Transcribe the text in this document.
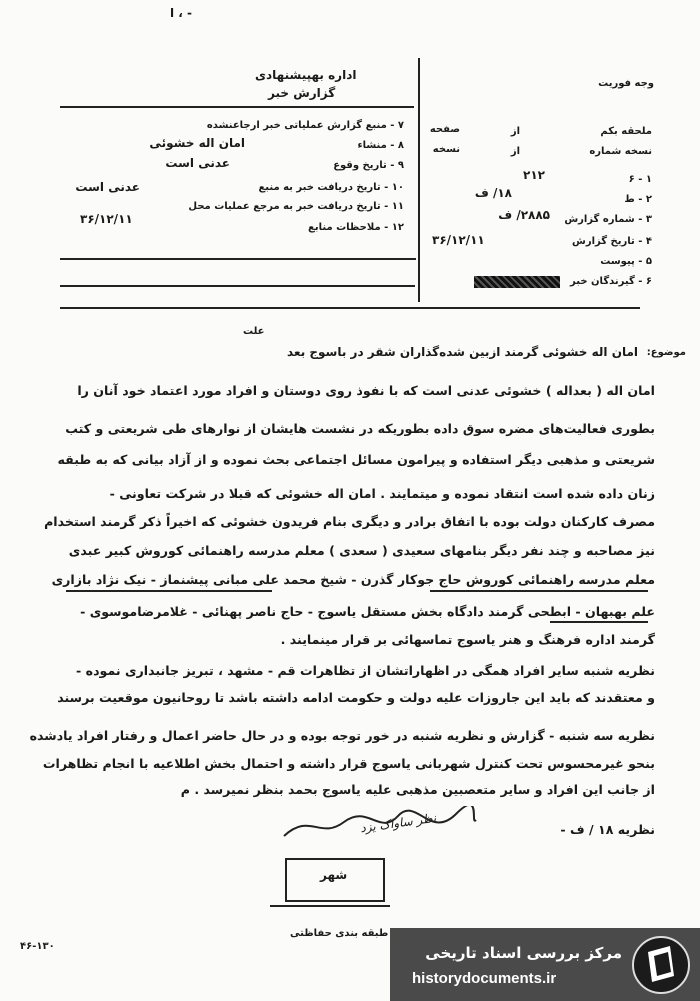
- ، ا
اداره بهپیشنهادی
گزارش خبر
وجه فوریت
۷ - منبع گزارش عملیاتی خبر ارجاعنشده
۸ - منشاء
امان اله خشوئی
۹ - تاریخ وقوع
عدنی است
۱۰ - تاریخ دریافت خبر به منبع
عدنی است
۱۱ - تاریخ دریافت خبر به مرجع عملیات محل
۳۶/۱۲/۱۱
۱۲ - ملاحظات منابع
ملحقه بکم
از
صفحه
نسخه شماره
از
نسخه
۱ - ۶
۲۱۲
۲ - ط
۱۸/ ف
۳ - شماره گزارش
۲۸۸۵/ ف
۴ - تاریخ گزارش
۳۶/۱۲/۱۱
۵ - پیوست
۶ - گیرندگان خبر
علت
امان اله خشوئی گرمند ازبین شده‌گذاران شقر در باسوج بعد موضوع:
امان اله ( بعداله ) خشوئی عدنی است که با نفوذ روی دوستان و افراد مورد اعتماد خود آنان را
بطوری فعالیت‌های مضره سوق داده بطوریکه در نشست هایشان از نوارهای طی شریعتی و کتب
شریعتی و مذهبی دیگر استفاده و پیرامون مسائل اجتماعی بحث نموده و از آزاد بیانی که به طبقه
زنان داده شده است انتقاد نموده و میتمایند . امان اله خشوئی که قبلا در شرکت تعاونی -
مصرف کارکنان دولت بوده با اتفاق برادر و دیگری بنام فریدون خشوئی که اخیراً ذکر گرمند استخدام
نیز مصاحبه و چند نفر دیگر بنامهای سعیدی ( سعدی ) معلم مدرسه راهنمائی کوروش کبیر عبدی
معلم مدرسه راهنمائی کوروش حاج جوکار گذرن - شیخ محمد علی مبانی پیشنماز - نیک نژاد بازاری
علم بهبهان - ابطحی گرمند دادگاه بخش مستقل یاسوج - حاج ناصر پهنائی - غلامرضاموسوی -
گرمند اداره فرهنگ و هنر یاسوج تماسهائی بر قرار مینمایند .
نظریه شنبه سایر افراد همگی در اظهاراتشان از تظاهرات قم - مشهد ، تبریز جانبداری نموده -
و معتقدند که باید این جاروزات علیه دولت و حکومت ادامه داشته باشد تا روحانیون موقعیت برسند
نظریه سه شنبه - گزارش و نظریه شنبه در خور توجه بوده و در حال حاضر اعمال و رفتار افراد یادشده
بنحو غیرمحسوس تحت کنترل شهربانی یاسوج قرار داشته و احتمال بخش اطلاعیه با انجام تظاهرات
از جانب این افراد و سایر متعصبین مذهبی علیه یاسوج بحمد بنظر نمیرسد . م
نظریه ۱۸ / ف -
نظر ساواک یزد
شهر
۴۶-۱۳۰
طبقه بندی حفاظتی
مرکز بررسی اسناد تاریخی
historydocuments.ir
